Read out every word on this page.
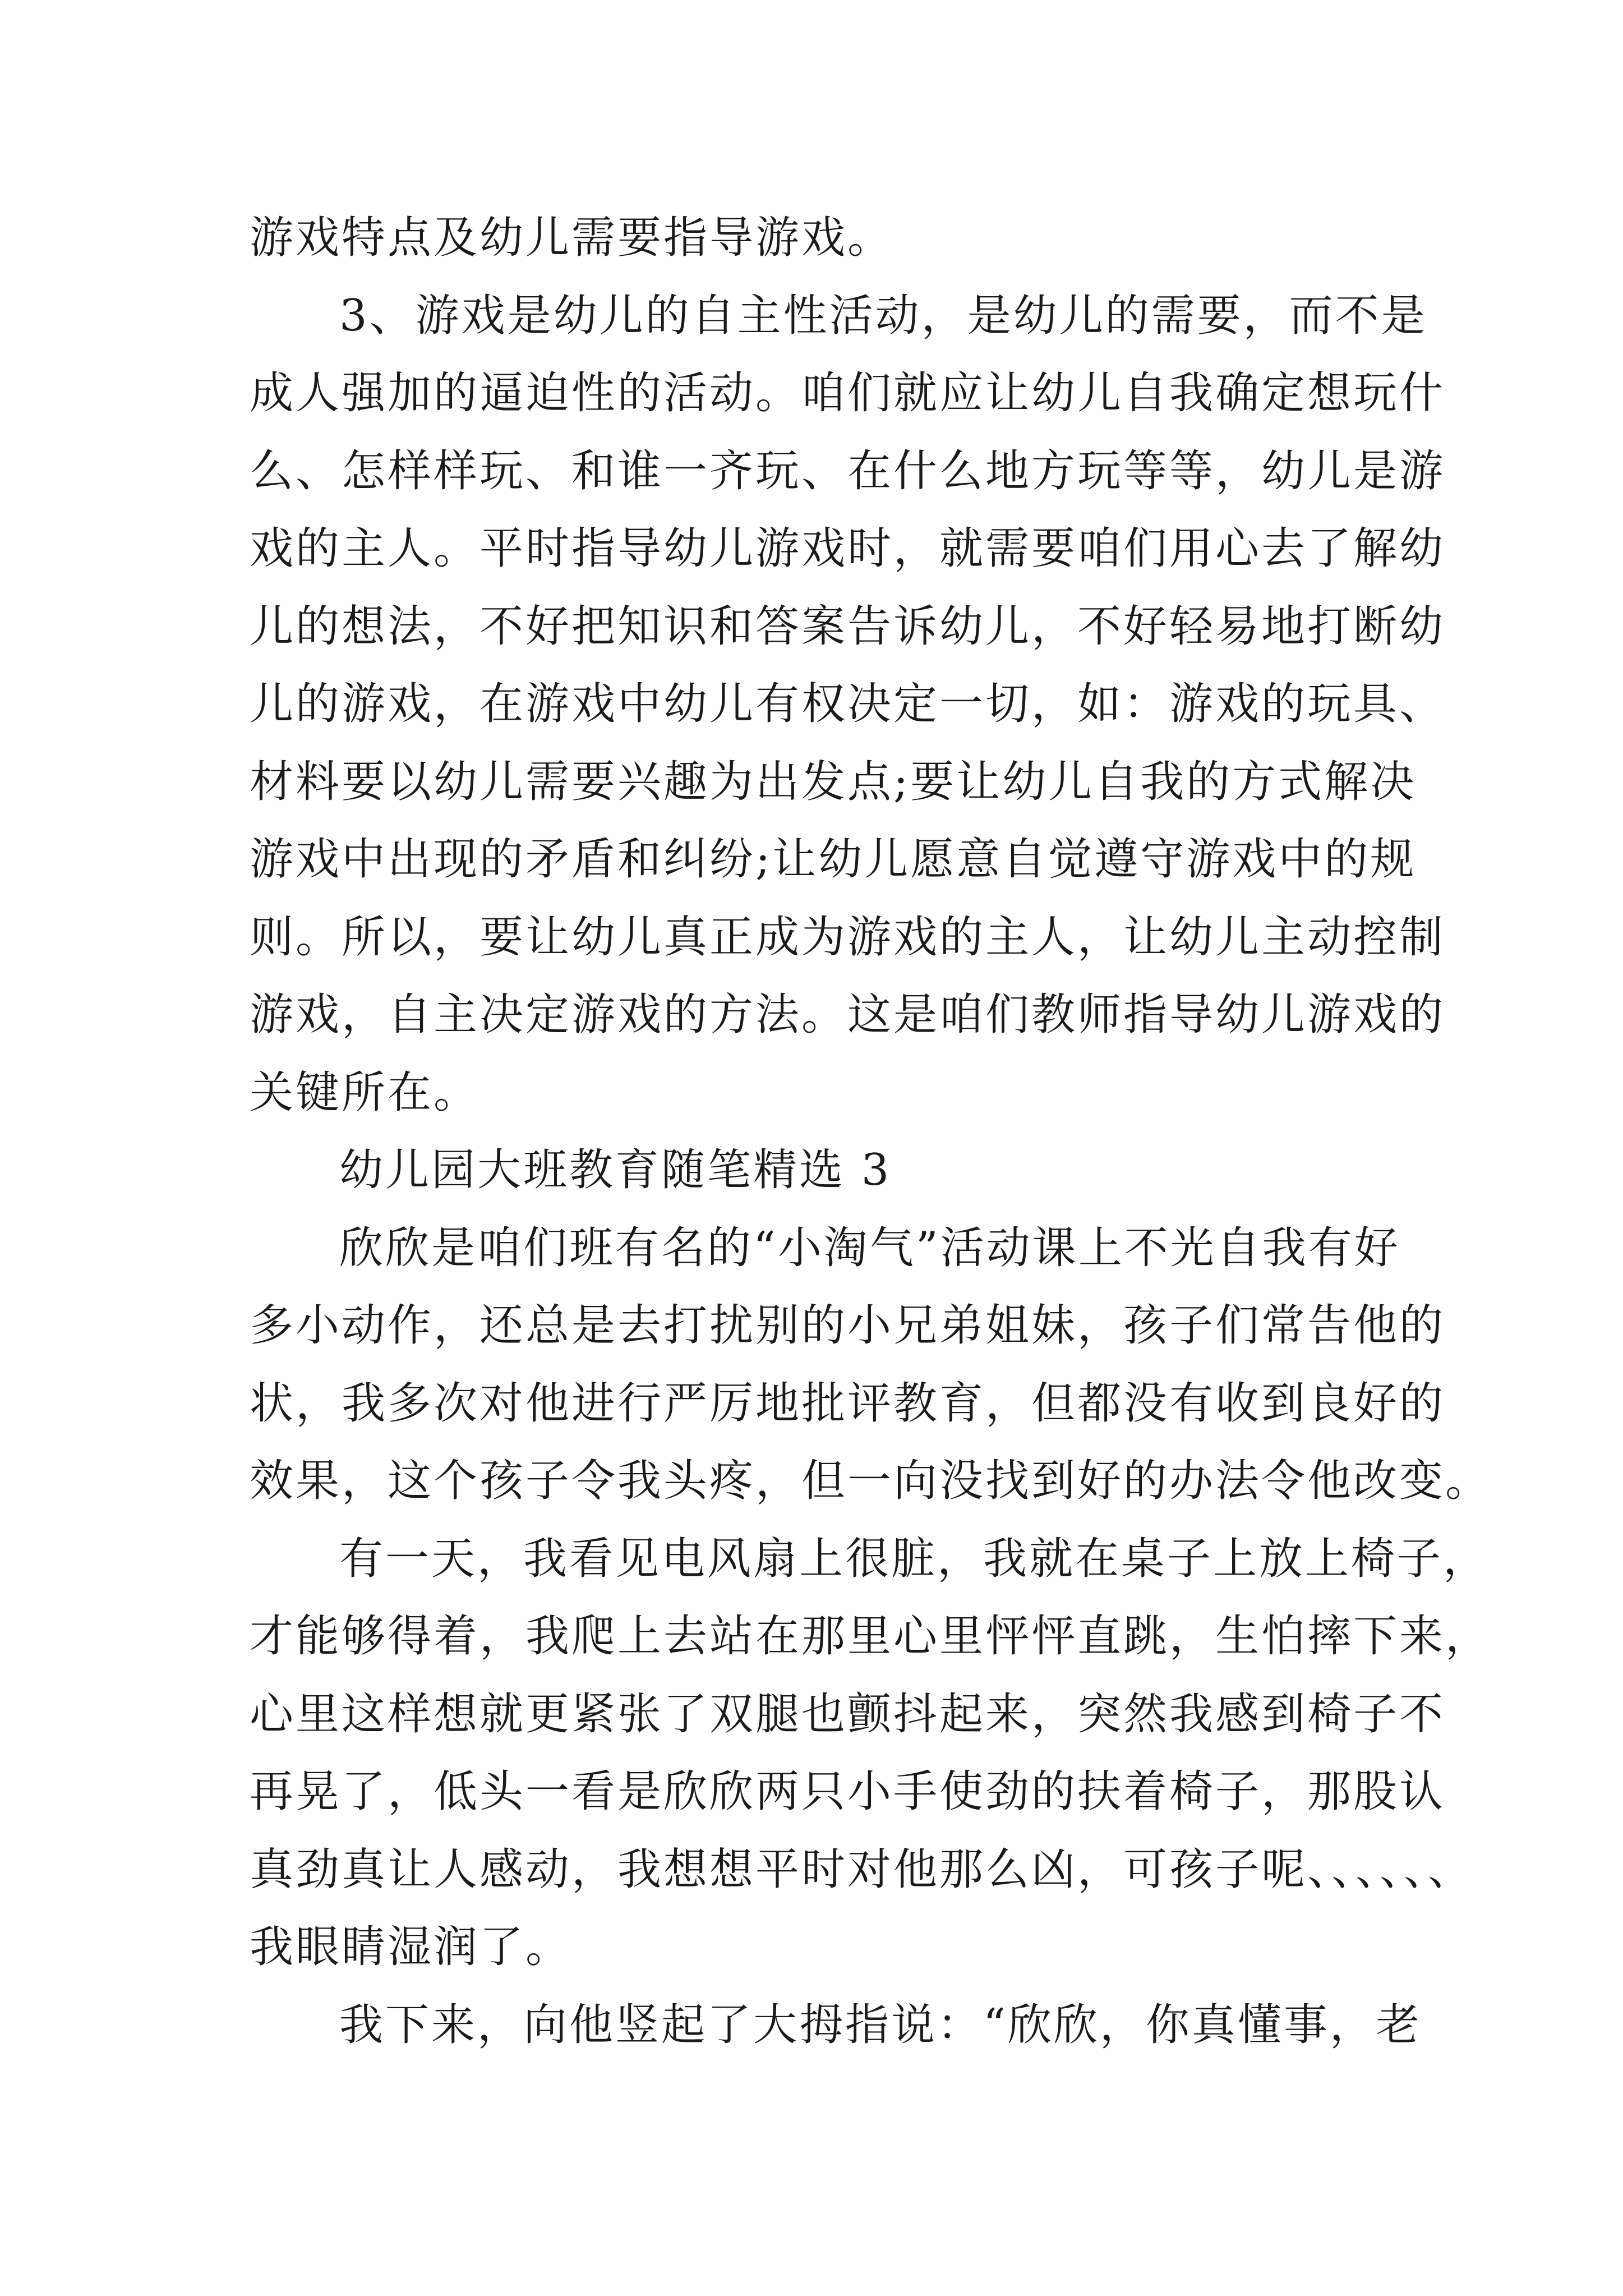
游戏特点及幼儿需要指导游戏。
3、游戏是幼儿的自主性活动，是幼儿的需要，而不是
成人强加的逼迫性的活动。咱们就应让幼儿自我确定想玩什
么、怎样样玩、和谁一齐玩、在什么地方玩等等，幼儿是游
戏的主人。平时指导幼儿游戏时，就需要咱们用心去了解幼
儿的想法，不好把知识和答案告诉幼儿，不好轻易地打断幼
儿的游戏，在游戏中幼儿有权决定一切，如：游戏的玩具、
材料要以幼儿需要兴趣为出发点;要让幼儿自我的方式解决
游戏中出现的矛盾和纠纷;让幼儿愿意自觉遵守游戏中的规
则。所以，要让幼儿真正成为游戏的主人，让幼儿主动控制
游戏，自主决定游戏的方法。这是咱们教师指导幼儿游戏的
关键所在。
幼儿园大班教育随笔精选 3
欣欣是咱们班有名的“小淘气”活动课上不光自我有好
多小动作，还总是去打扰别的小兄弟姐妹，孩子们常告他的
状，我多次对他进行严厉地批评教育，但都没有收到良好的
效果，这个孩子令我头疼，但一向没找到好的办法令他改变。
有一天，我看见电风扇上很脏，我就在桌子上放上椅子，
才能够得着，我爬上去站在那里心里怦怦直跳，生怕摔下来，
心里这样想就更紧张了双腿也颤抖起来，突然我感到椅子不
再晃了，低头一看是欣欣两只小手使劲的扶着椅子，那股认
真劲真让人感动，我想想平时对他那么凶，可孩子呢、、、、、、
我眼睛湿润了。
我下来，向他竖起了大拇指说：“欣欣，你真懂事，老
